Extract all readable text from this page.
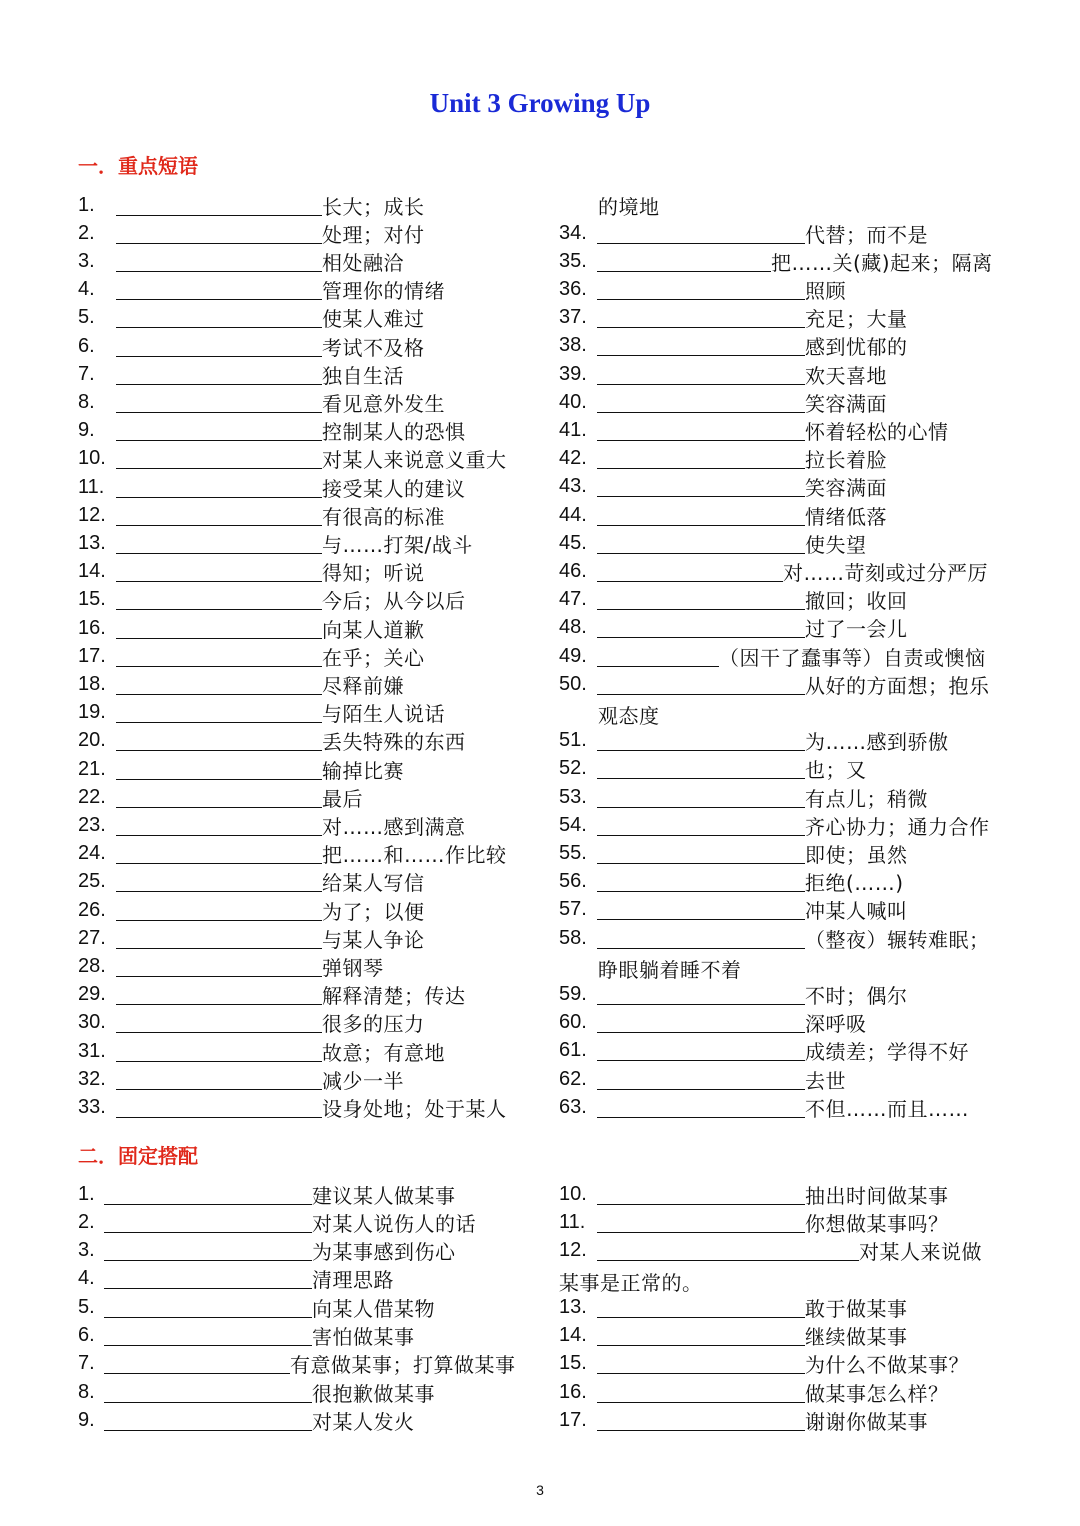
Unit 3 Growing Up
一．重点短语
1.	长大；成长
2.	处理；对付
3.	相处融洽
4.	管理你的情绪
5.	使某人难过
6.	考试不及格
7.	独自生活
8.	看见意外发生
9.	控制某人的恐惧
10.	对某人来说意义重大
11.	接受某人的建议
12.	有很高的标准
13.	与……打架/战斗
14.	得知；听说
15.	今后；从今以后
16.	向某人道歉
17.	在乎；关心
18.	尽释前嫌
19.	与陌生人说话
20.	丢失特殊的东西
21.	输掉比赛
22.	最后
23.	对……感到满意
24.	把……和……作比较
25.	给某人写信
26.	为了；以便
27.	与某人争论
28.	弹钢琴
29.	解释清楚；传达
30.	很多的压力
31.	故意；有意地
32.	减少一半
33.	设身处地；处于某人
的境地
34.	代替；而不是
35.	把……关(藏)起来；隔离
36.	照顾
37.	充足；大量
38.	感到忧郁的
39.	欢天喜地
40.	笑容满面
41.	怀着轻松的心情
42.	拉长着脸
43.	笑容满面
44.	情绪低落
45.	使失望
46.	对……苛刻或过分严厉
47.	撤回；收回
48.	过了一会儿
49.	（因干了蠢事等）自责或懊恼
50.	从好的方面想；抱乐
观态度
51.	为……感到骄傲
52.	也；又
53.	有点儿；稍微
54.	齐心协力；通力合作
55.	即使；虽然
56.	拒绝(……)
57.	冲某人喊叫
58.	（整夜）辗转难眠；
睁眼躺着睡不着
59.	不时；偶尔
60.	深呼吸
61.	成绩差；学得不好
62.	去世
63.	不但……而且……
二．固定搭配
1.	建议某人做某事
2.	对某人说伤人的话
3.	为某事感到伤心
4.	清理思路
5.	向某人借某物
6.	害怕做某事
7.	有意做某事；打算做某事
8.	很抱歉做某事
9.	对某人发火
10.	抽出时间做某事
11.	你想做某事吗？
12.	对某人来说做
某事是正常的。
13.	敢于做某事
14.	继续做某事
15.	为什么不做某事？
16.	做某事怎么样？
17.	谢谢你做某事
3
